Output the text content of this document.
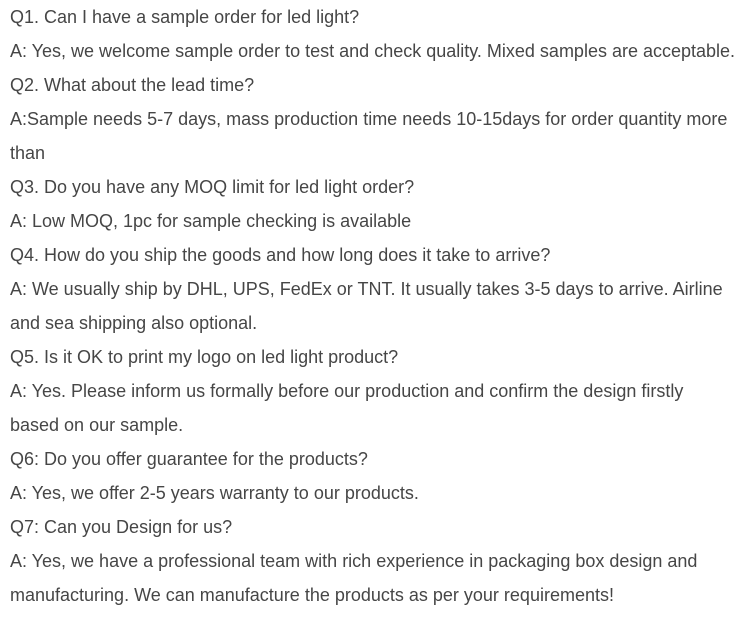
Q1. Can I have a sample order for led light?
A: Yes, we welcome sample order to test and check quality. Mixed samples are acceptable.
Q2. What about the lead time?
A:Sample needs 5-7 days, mass production time needs 10-15days for order quantity more
than
Q3. Do you have any MOQ limit for led light order?
A: Low MOQ, 1pc for sample checking is available
Q4. How do you ship the goods and how long does it take to arrive?
A: We usually ship by DHL, UPS, FedEx or TNT. It usually takes 3-5 days to arrive. Airline
and sea shipping also optional.
Q5. Is it OK to print my logo on led light product?
A: Yes. Please inform us formally before our production and confirm the design firstly
based on our sample.
Q6: Do you offer guarantee for the products?
A: Yes, we offer 2-5 years warranty to our products.
Q7: Can you Design for us?
A: Yes, we have a professional team with rich experience in packaging box design and
manufacturing. We can manufacture the products as per your requirements!
